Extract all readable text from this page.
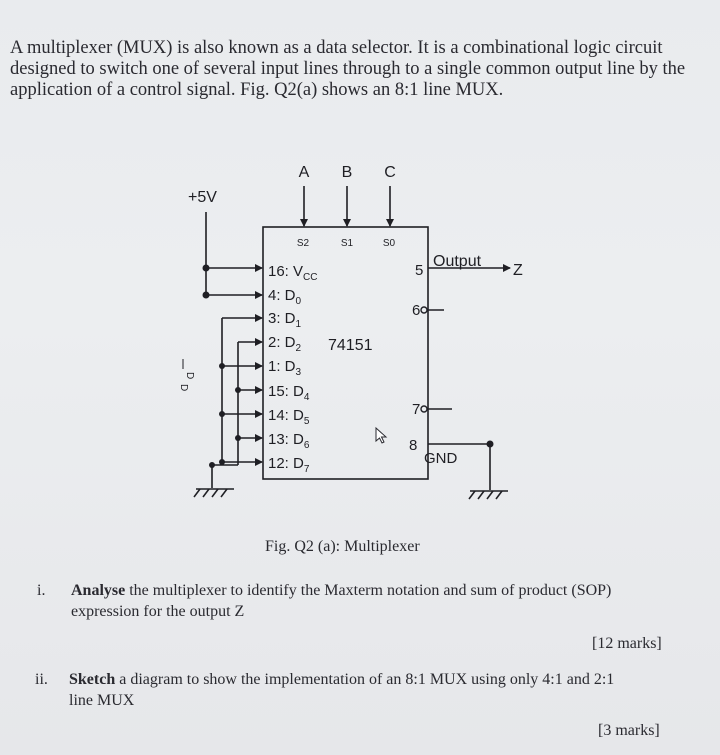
A multiplexer (MUX) is also known as a data selector. It is a combinational logic circuit

designed to switch one of several input lines through to a single common output line by the

application of a control signal. Fig. Q2(a) shows an 8:1 line MUX.

A B C
S2	S1	S0
74151
+5V
D
D
16: $V_{CC}$
4: $D_0$
3: $D_1$
2: $D_2$
1: $D_3$
15: $D_4$
14: $D_5$
13: $D_6$
12: $D_7$
5
Output
Z
6
7
8
GND
Fig. Q2 (a): Multiplexer
i. Analyse the multiplexer to identify the Maxterm notation and sum of product (SOP)
expression for the output Z
[12 marks]
ii. Sketch a diagram to show the implementation of an 8:1 MUX using only 4:1 and 2:1
line MUX
[3 marks]
